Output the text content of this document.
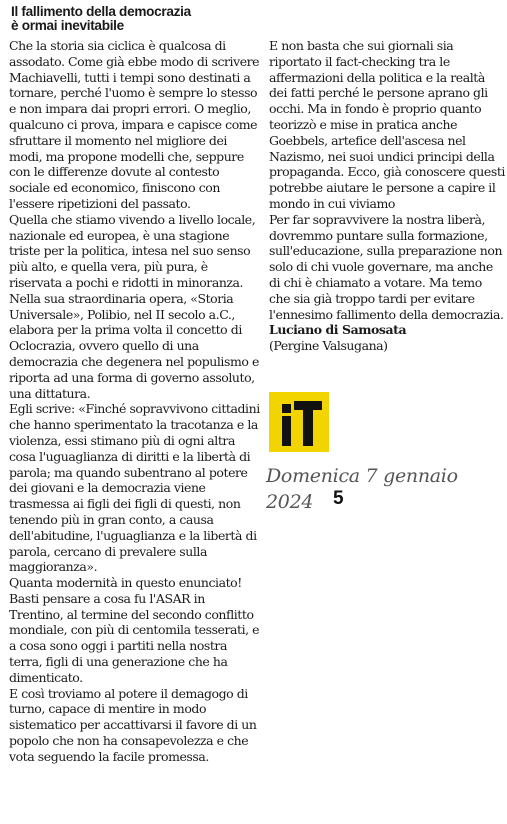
Il fallimento della democrazia
è ormai inevitabile

Che la storia sia ciclica è qualcosa di assodato. Come già ebbe modo di scrivere Machiavelli, tutti i tempi sono destinati a tornare, perché l'uomo è sempre lo stesso e non impara dai propri errori. O meglio, qualcuno ci prova, impara e capisce come sfruttare il momento nel migliore dei modi, ma propone modelli che, seppure con le differenze dovute al contesto sociale ed economico, finiscono con l'essere ripetizioni del passato.

Quella che stiamo vivendo a livello locale, nazionale ed europea, è una stagione triste per la politica, intesa nel suo senso più alto, e quella vera, più pura, è riservata a pochi e ridotti in minoranza. Nella sua straordinaria opera, «Storia Universale», Polibio, nel II secolo a.C., elabora per la prima volta il concetto di Oclocrazia, ovvero quello di una democrazia che degenera nel populismo e riporta ad una forma di governo assoluto, una dittatura.

Egli scrive: «Finché sopravvivono cittadini che hanno sperimentato la tracotanza e la violenza, essi stimano più di ogni altra cosa l'uguaglianza di diritti e la libertà di parola; ma quando subentrano al potere dei giovani e la democrazia viene trasmessa ai figli dei figli di questi, non tenendo più in gran conto, a causa dell'abitudine, l'uguaglianza e la libertà di parola, cercano di prevalere sulla maggioranza».

Quanta modernità in questo enunciato! Basti pensare a cosa fu l'ASAR in Trentino, al termine del secondo conflitto mondiale, con più di centomila tesserati, e a cosa sono oggi i partiti nella nostra terra, figli di una generazione che ha dimenticato.

E così troviamo al potere il demagogo di turno, capace di mentire in modo sistematico per accattivarsi il favore di un popolo che non ha consapevolezza e che vota seguendo la facile promessa.

E non basta che sui giornali sia riportato il fact-checking tra le affermazioni della politica e la realtà dei fatti perché le persone aprano gli occhi. Ma in fondo è proprio quanto teorizzò e mise in pratica anche Goebbels, artefice dell'ascesa nel Nazismo, nei suoi undici principi della propaganda. Ecco, già conoscere questi potrebbe aiutare le persone a capire il mondo in cui viviamo

Per far sopravvivere la nostra liberà, dovremmo puntare sulla formazione, sull'educazione, sulla preparazione non solo di chi vuole governare, ma anche di chi è chiamato a votare. Ma temo che sia già troppo tardi per evitare l'ennesimo fallimento della democrazia.

Luciano di Samosata

(Pergine Valsugana)

Domenica 7 gennaio
2024	5
